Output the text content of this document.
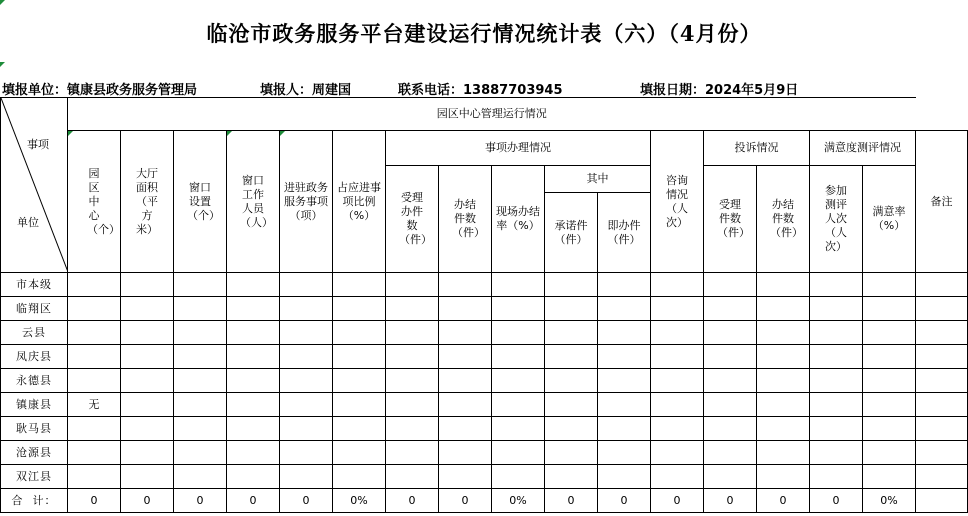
临沧市政务服务平台建设运行情况统计表（六）（4月份）
填报单位：镇康县政务服务管理局	填报人：周建国	联系电话：13887703945	填报日期：2024年5月9日
事项
单位	园区中心管理运行情况																

园区中心（个）	大厅面积（平方米）	窗口设置（个）	窗口工作人员（人）	进驻政务服务事项（项）	占应进事项比例（%）	事项办理情况					咨询情况（人次）	投诉情况		满意度测评情况		备注
							受理办件数（件）	办结件数（件）	现场办结率（%）	其中			受理件数（件）	办结件数（件）	参加测评人次（人次）	满意率（%）	
										承诺件（件）	即办件（件）						
市本级																	
临翔区																	
云县																	
凤庆县																	
永德县																	
镇康县	无																
耿马县																	
沧源县																	
双江县																	
合  计：	0	0	0	0	0	0%	0	0	0%	0	0	0	0	0	0	0%	
